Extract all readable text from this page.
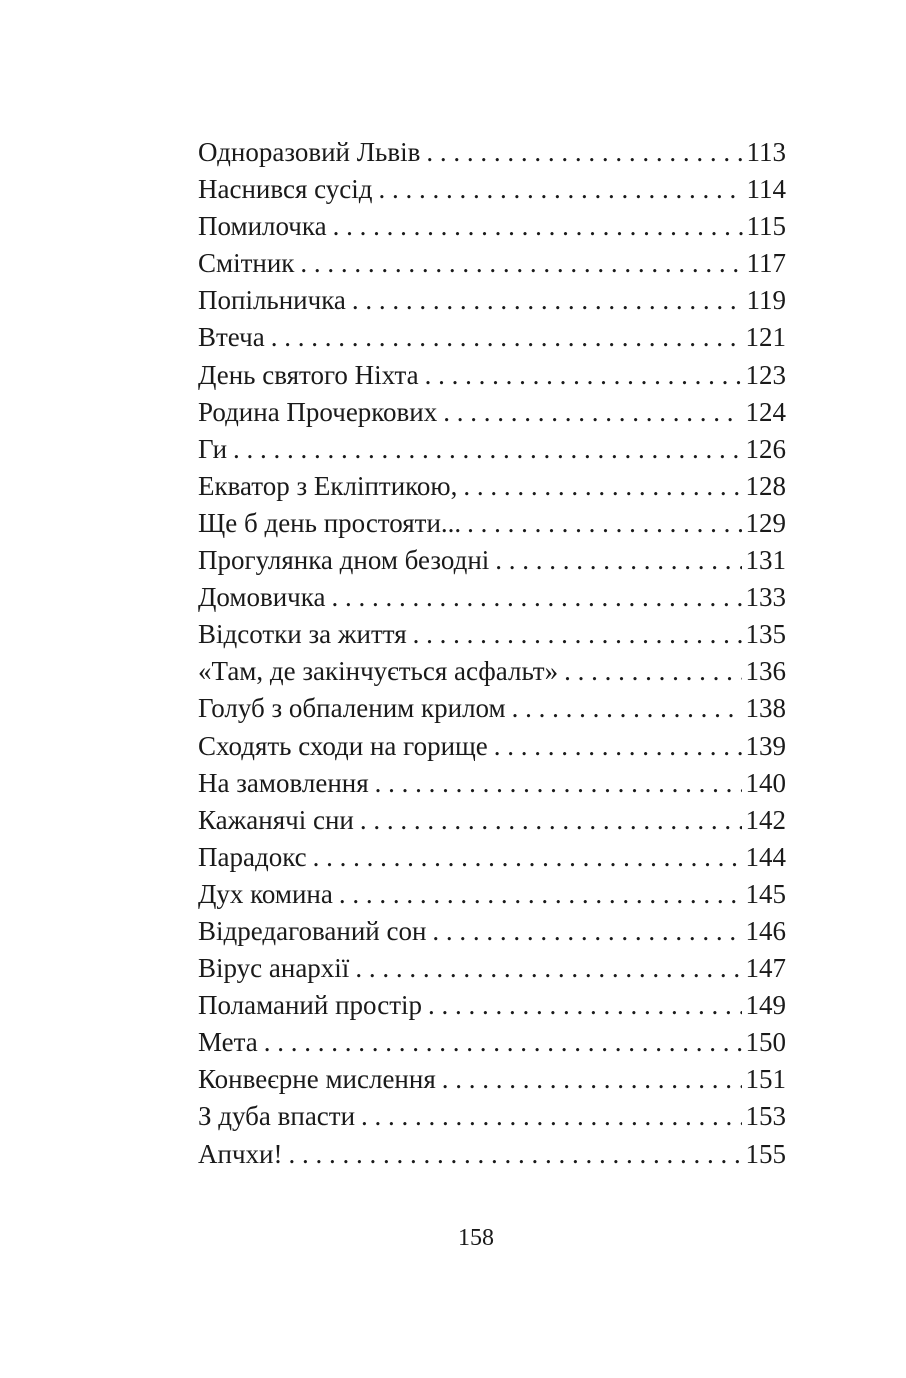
Одноразовий Львів . . .	113
Наснився сусід . . .	114
Помилочка . . .	115
Смітник . . .	117
Попільничка . . .	119
Втеча . . .	121
День святого Ніхта . . .	123
Родина Прочеркових . . .	124
Ги . . .	126
Екватор з Екліптикою, . . .	128
Ще б день простояти... . . .	129
Прогулянка дном безодні . . .	131
Домовичка . . .	133
Відсотки за життя . . .	135
«Там, де закінчується асфальт» . . .	136
Голуб з обпаленим крилом . . .	138
Сходять сходи на горище . . .	139
На замовлення . . .	140
Кажанячі сни . . .	142
Парадокс . . .	144
Дух комина . . .	145
Відредагований сон . . .	146
Вірус анархії . . .	147
Поламаний простір . . .	149
Мета . . .	150
Конвеєрне мислення . . .	151
З дуба впасти . . .	153
Апчхи! . . .	155
158
